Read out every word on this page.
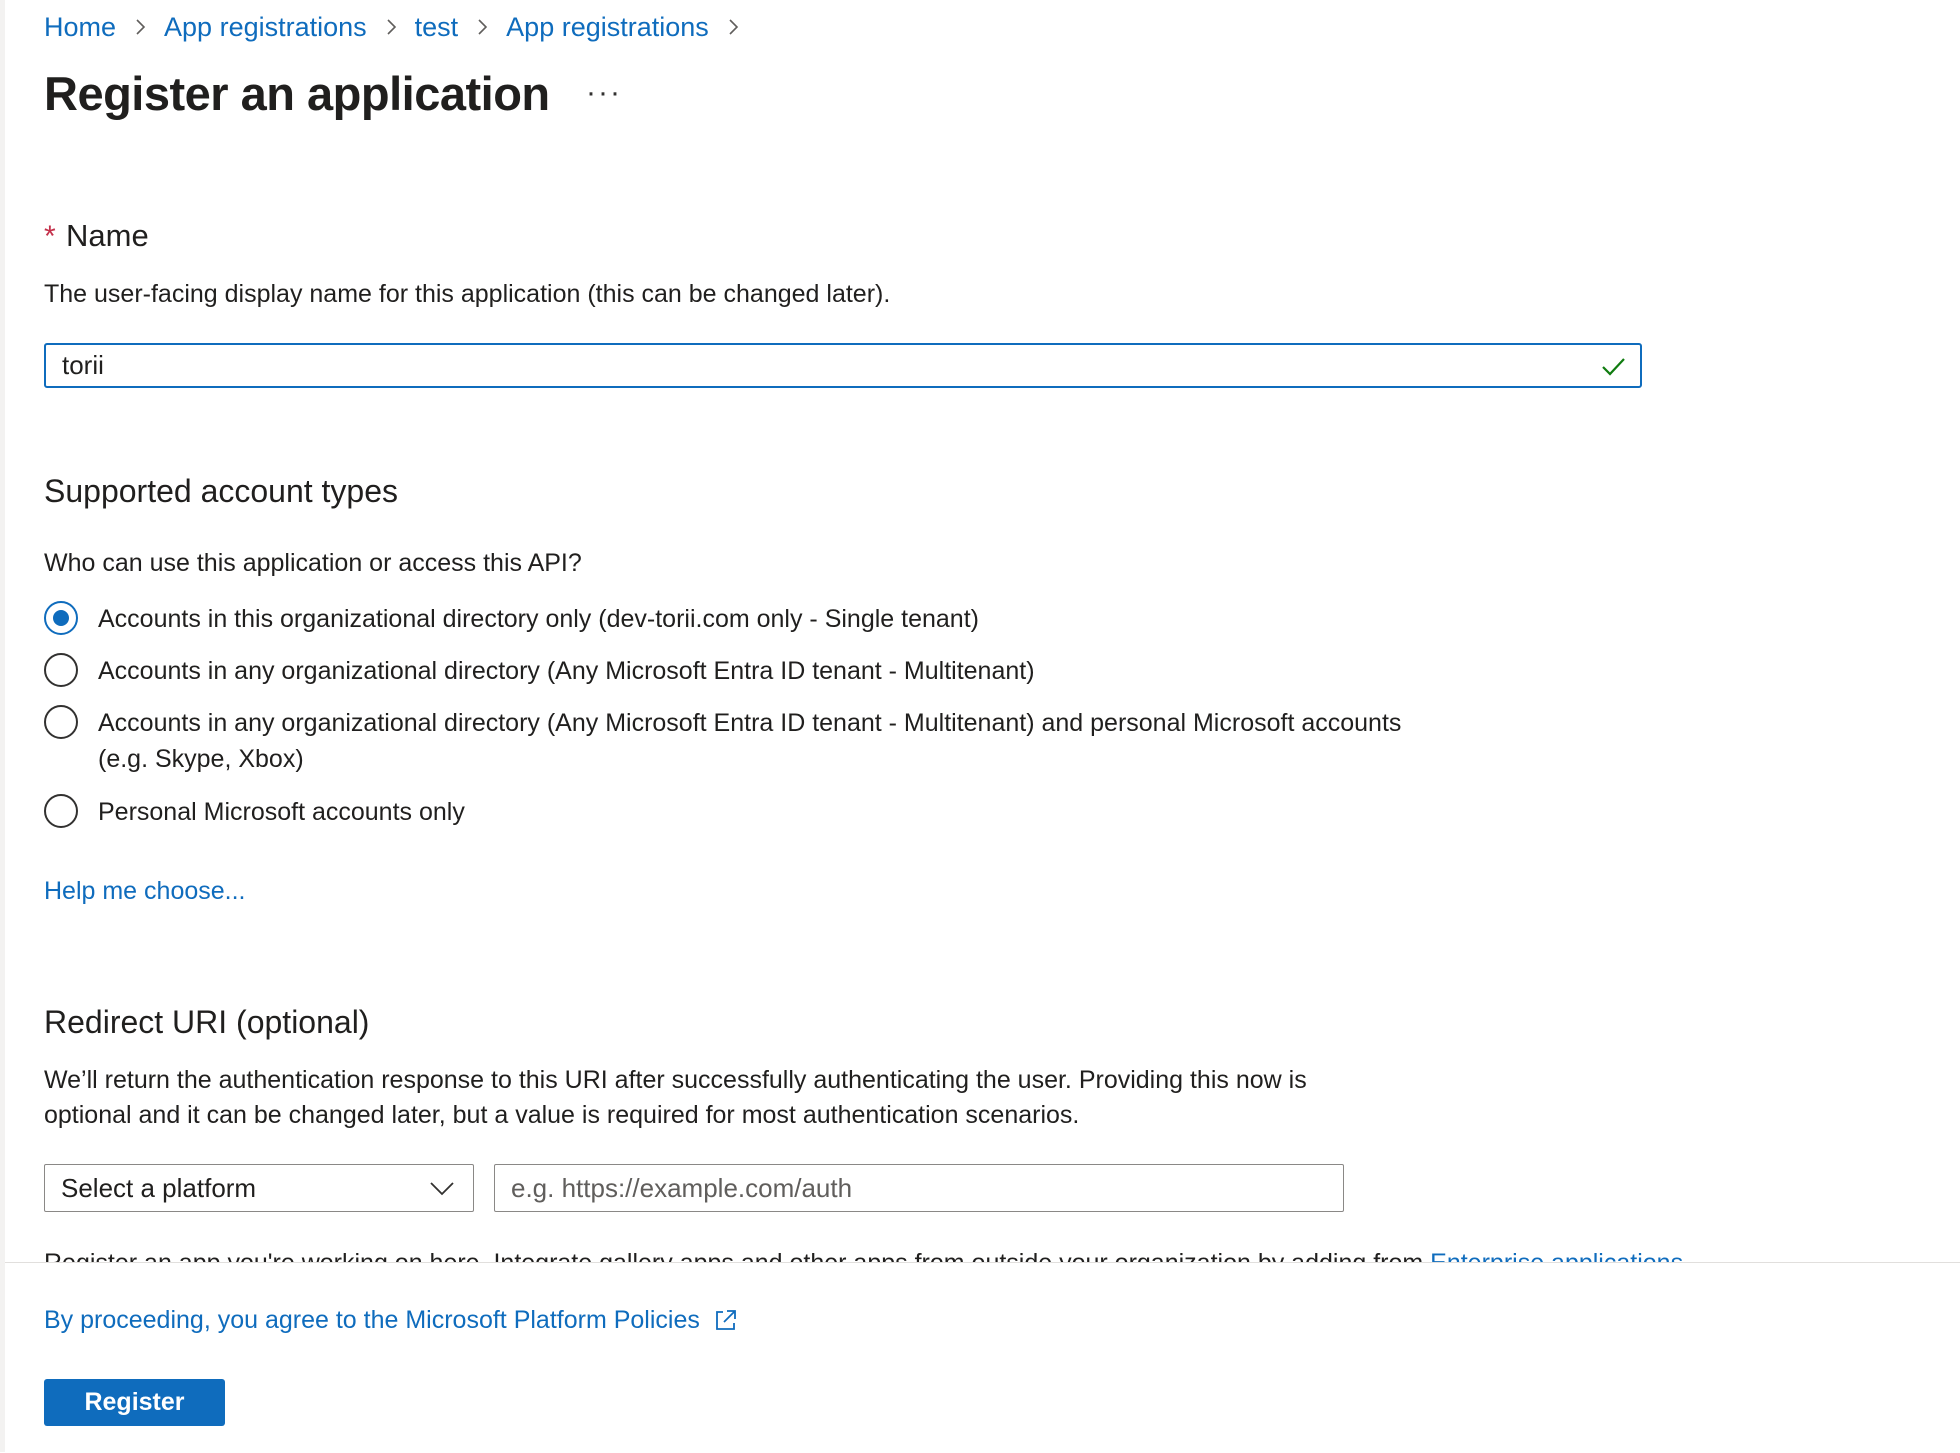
Home App registrations test App registrations
Register an application ···
* Name
The user-facing display name for this application (this can be changed later).
torii
Supported account types
Who can use this application or access this API?
Accounts in this organizational directory only (dev-torii.com only - Single tenant)
Accounts in any organizational directory (Any Microsoft Entra ID tenant - Multitenant)
Accounts in any organizational directory (Any Microsoft Entra ID tenant - Multitenant) and personal Microsoft accounts (e.g. Skype, Xbox)
Personal Microsoft accounts only
Help me choose...
Redirect URI (optional)
We’ll return the authentication response to this URI after successfully authenticating the user. Providing this now is optional and it can be changed later, but a value is required for most authentication scenarios.
Select a platform
e.g. https://example.com/auth
By proceeding, you agree to the Microsoft Platform Policies
Register
